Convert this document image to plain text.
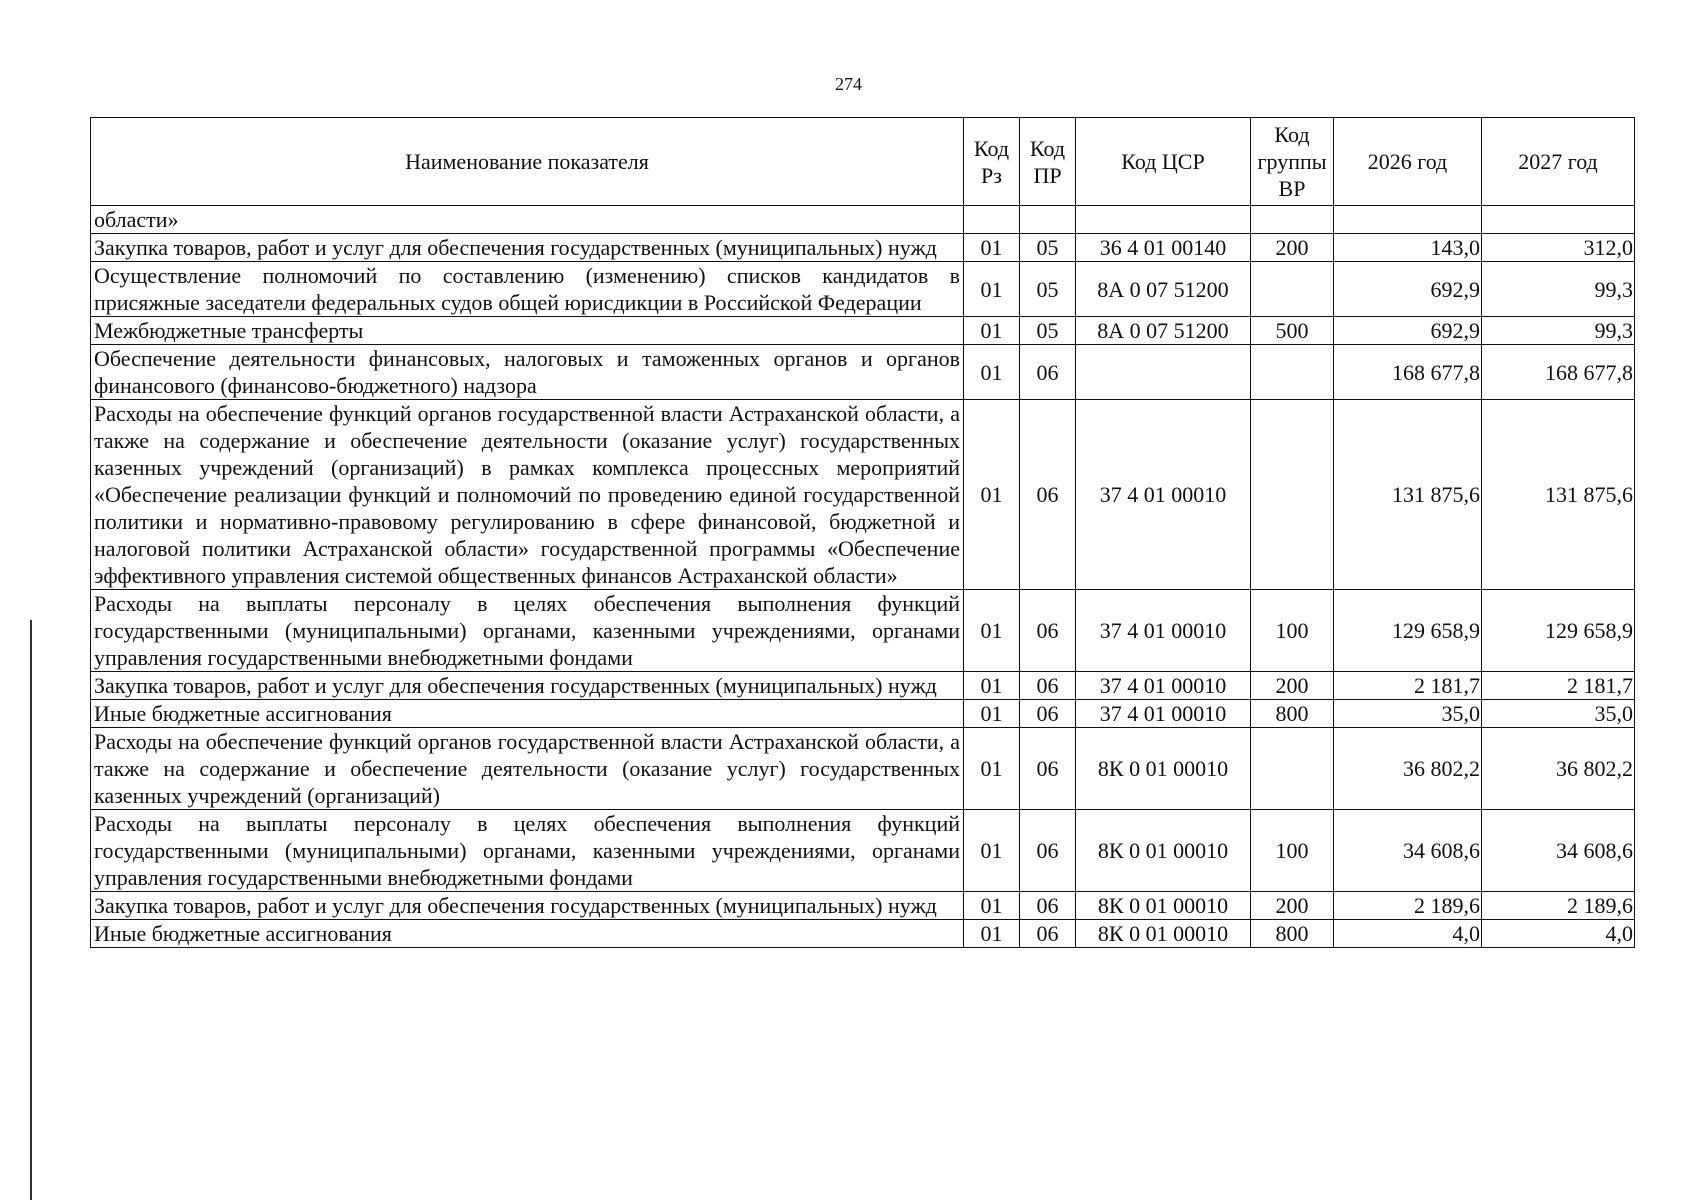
274
Наименование показателя	Код Рз	Код ПР	Код ЦСР	Код группы ВР	2026 год	2027 год
области»						
Закупка товаров, работ и услуг для обеспечения государственных (муниципальных) нужд	01	05	36 4 01 00140	200	143,0	312,0
Осуществление полномочий по составлению (изменению) списков кандидатов в присяжные заседатели федеральных судов общей юрисдикции в Российской Федерации	01	05	8А 0 07 51200		692,9	99,3
Межбюджетные трансферты	01	05	8А 0 07 51200	500	692,9	99,3
Обеспечение деятельности финансовых, налоговых и таможенных органов и органов финансового (финансово-бюджетного) надзора	01	06			168 677,8	168 677,8
Расходы на обеспечение функций органов государственной власти Астраханской области, а также на содержание и обеспечение деятельности (оказание услуг) государственных казенных учреждений (организаций) в рамках комплекса процессных мероприятий «Обеспечение реализации функций и полномочий по проведению единой государственной политики и нормативно-правовому регулированию в сфере финансовой, бюджетной и налоговой политики Астраханской области» государственной программы «Обеспечение эффективного управления системой общественных финансов Астраханской области»	01	06	37 4 01 00010		131 875,6	131 875,6
Расходы на выплаты персоналу в целях обеспечения выполнения функций государственными (муниципальными) органами, казенными учреждениями, органами управления государственными внебюджетными фондами	01	06	37 4 01 00010	100	129 658,9	129 658,9
Закупка товаров, работ и услуг для обеспечения государственных (муниципальных) нужд	01	06	37 4 01 00010	200	2 181,7	2 181,7
Иные бюджетные ассигнования	01	06	37 4 01 00010	800	35,0	35,0
Расходы на обеспечение функций органов государственной власти Астраханской области, а также на содержание и обеспечение деятельности (оказание услуг) государственных казенных учреждений (организаций)	01	06	8К 0 01 00010		36 802,2	36 802,2
Расходы на выплаты персоналу в целях обеспечения выполнения функций государственными (муниципальными) органами, казенными учреждениями, органами управления государственными внебюджетными фондами	01	06	8К 0 01 00010	100	34 608,6	34 608,6
Закупка товаров, работ и услуг для обеспечения государственных (муниципальных) нужд	01	06	8К 0 01 00010	200	2 189,6	2 189,6
Иные бюджетные ассигнования	01	06	8К 0 01 00010	800	4,0	4,0
